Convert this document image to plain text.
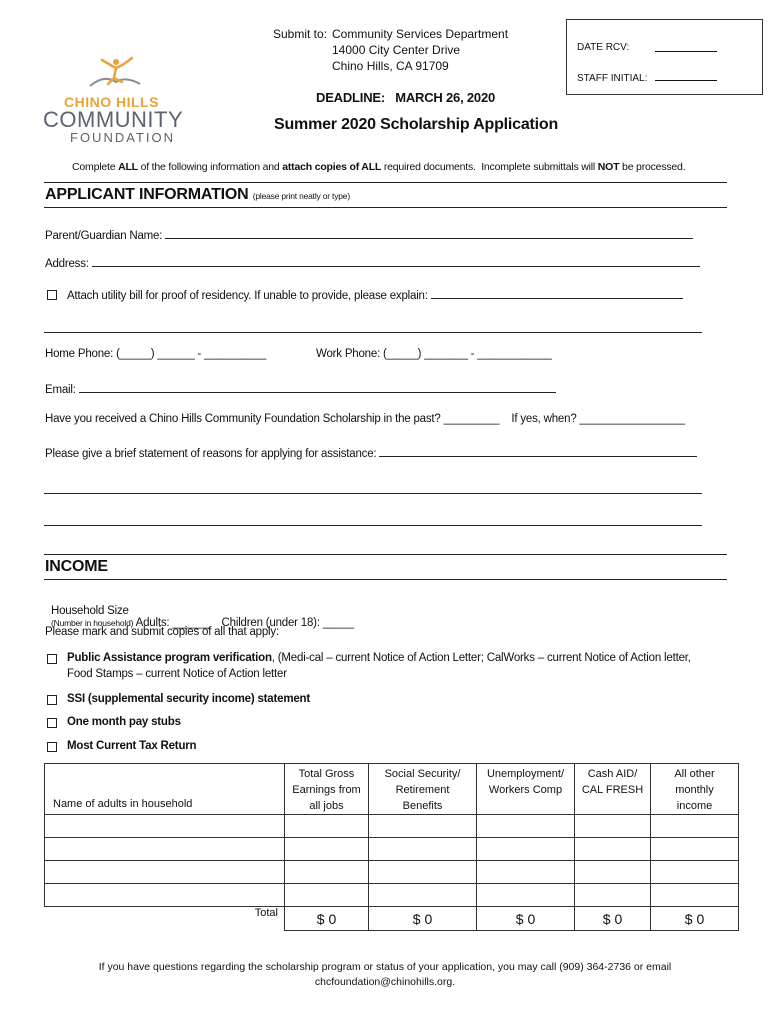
CHINO HILLS
COMMUNITY
FOUNDATION
Submit to: Community Services Department
14000 City Center Drive
Chino Hills, CA 91709
DATE RCV:
STAFF INITIAL:
DEADLINE:   MARCH 26, 2020
Summer 2020 Scholarship Application
Complete ALL of the following information and attach copies of ALL required documents.  Incomplete submittals will NOT be processed.
APPLICANT INFORMATION (please print neatly or type)
Parent/Guardian Name:
Address:
Attach utility bill for proof of residency. If unable to provide, please explain:
Home Phone: (_____) ______ - __________	Work Phone: (_____) _______ - ____________
Email:
Have you received a Chino Hills Community Foundation Scholarship in the past? _________    If yes, when? _________________
Please give a brief statement of reasons for applying for assistance:
INCOME

Household Size
(Number in household) Adults: ______    Children (under 18): _____

Please mark and submit copies of all that apply:
Public Assistance program verification, (Medi-cal – current Notice of Action Letter; CalWorks – current Notice of Action letter,
Food Stamps – current Notice of Action letter
SSI (supplemental security income) statement
One month pay stubs
Most Current Tax Return
Name of adults in household	Total Gross
Earnings from
all jobs	Social Security/
Retirement
Benefits	Unemployment/
Workers Comp	Cash AID/
CAL FRESH	All other
monthly
income

Total	$ 0	$ 0	$ 0	$ 0	$ 0
If you have questions regarding the scholarship program or status of your application, you may call (909) 364-2736 or email
chcfoundation@chinohills.org.
